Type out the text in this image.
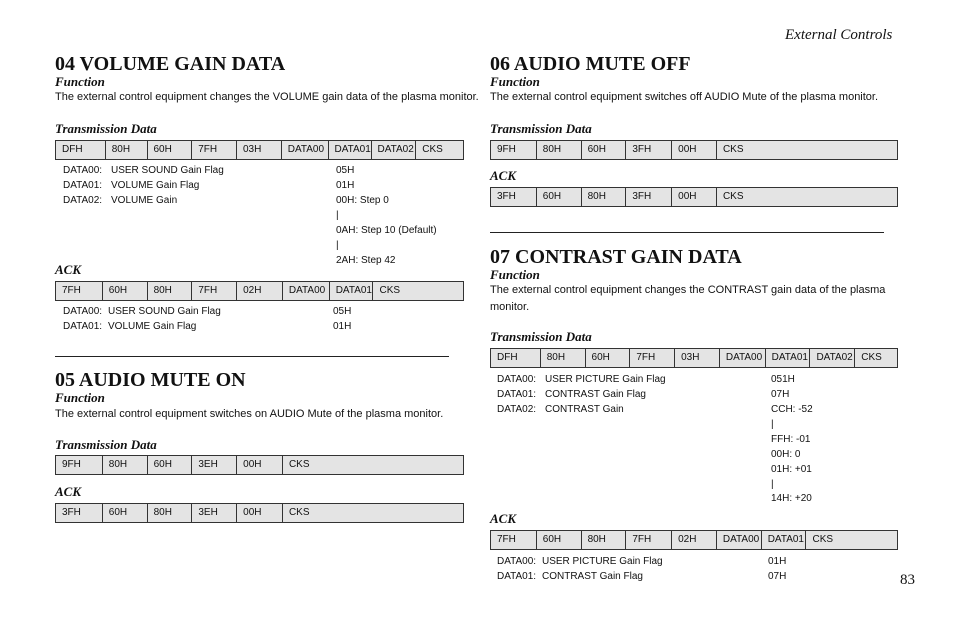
External Controls
83
04 VOLUME GAIN DATA
Function
The external control equipment changes the VOLUME gain data of the plasma monitor.
Transmission Data
DFH	80H	60H	7FH	03H	DATA00	DATA01 DATA02 CKS
DATA00: USER SOUND Gain Flag	05H
DATA01: VOLUME Gain Flag	01H
DATA02: VOLUME Gain	00H: Step 0
|
0AH: Step 10 (Default)
|
2AH: Step 42
ACK
7FH	60H	80H	7FH	02H	DATA00	DATA01 CKS
DATA00: USER SOUND Gain Flag	05H
DATA01: VOLUME Gain Flag	01H
05 AUDIO MUTE ON
Function
The external control equipment switches on AUDIO Mute of the plasma monitor.
Transmission Data
9FH	80H	60H	3EH	00H	CKS
ACK
3FH	60H	80H	3EH	00H	CKS
06 AUDIO MUTE OFF
Function
The external control equipment switches off AUDIO Mute of the plasma monitor.
Transmission Data
9FH	80H	60H	3FH	00H	CKS
ACK
3FH	60H	80H	3FH	00H	CKS
07 CONTRAST GAIN DATA
Function
The external control equipment changes the CONTRAST gain data of the plasma
monitor.
Transmission Data
DFH	80H	60H	7FH	03H	DATA00 DATA01 DATA02 CKS
DATA00: USER PICTURE Gain Flag	051H
DATA01: CONTRAST Gain Flag	07H
DATA02: CONTRAST Gain	CCH: -52
|
FFH: -01
00H: 0
01H: +01
|
14H: +20
ACK
7FH	60H	80H	7FH	02H	DATA00 DATA01 CKS
DATA00: USER PICTURE Gain Flag	01H
DATA01: CONTRAST Gain Flag	07H
